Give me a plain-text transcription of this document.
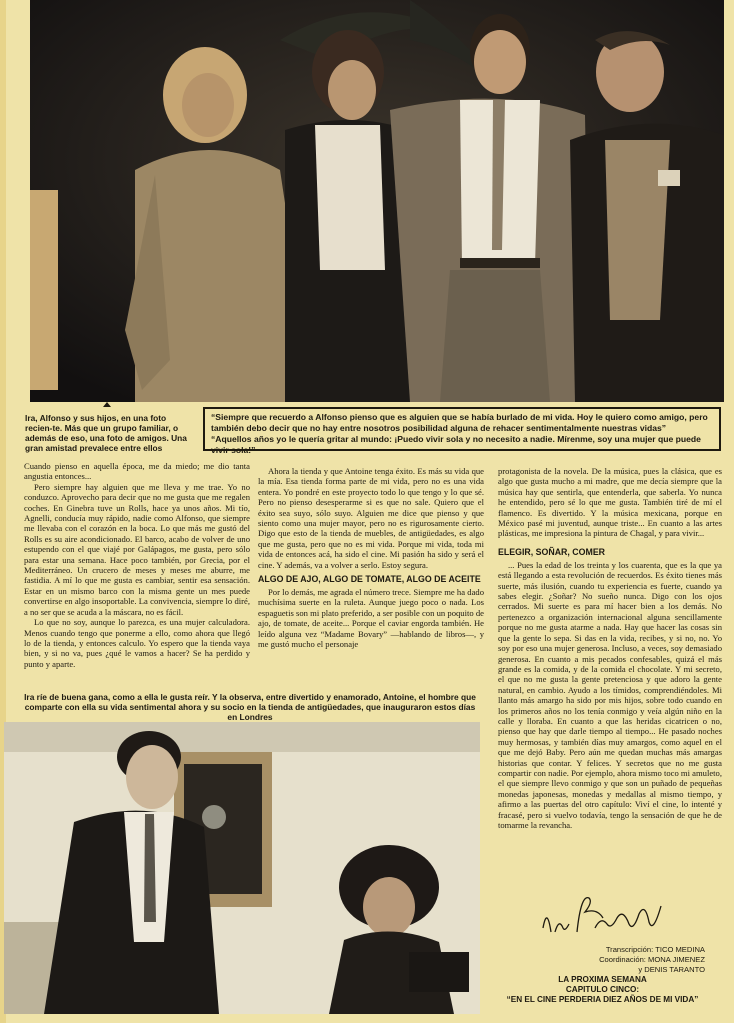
Ira, Alfonso y sus hijos, en una foto recien-te. Más que un grupo familiar, o además de eso, una foto de amigos. Una gran amistad prevalece entre ellos
“Siempre que recuerdo a Alfonso pienso que es alguien que se había burlado de mi vida. Hoy le quiero como amigo, pero también debo decir que no hay entre nosotros posibilidad alguna de rehacer sentimentalmente nuestras vidas”
“Aquellos años yo le quería gritar al mundo: ¡Puedo vivir sola y no necesito a nadie. Mírenme, soy una mujer que puede vivir sola!”

Cuando pienso en aquella época, me da miedo; me dio tanta angustia entonces...

Pero siempre hay alguien que me lleva y me trae. Yo no conduzco. Aprovecho para decir que no me gusta que me regalen coches. En Ginebra tuve un Rolls, hace ya unos años. Mi tío, Agnelli, conducía muy rápido, nadie como Alfonso, que siempre me llevaba con el corazón en la boca. Lo que más me gustó del Rolls es su aire acondicionado. El barco, acabo de volver de uno estupendo con el que viajé por Galápagos, me gusta, pero sólo para estar una semana. Hace poco también, por Grecia, por el Mediterráneo. Un crucero de meses y meses me aburre, me fastidia. A mí lo que me gusta es cambiar, sentir esa sensación. Estar en un mismo barco con la misma gente un mes puede convertirse en algo insoportable. La convivencia, siempre lo diré, a no ser que se acuda a la máscara, no es fácil.

Lo que no soy, aunque lo parezca, es una mujer calculadora. Menos cuando tengo que ponerme a ello, como ahora que llegó lo de la tienda, y entonces calculo. Yo espero que la tienda vaya bien, y si no va, pues ¿qué le vamos a hacer? Se ha perdido y punto y aparte.

Ahora la tienda y que Antoine tenga éxito. Es más su vida que la mía. Esa tienda forma parte de mi vida, pero no es una vida entera. Yo pondré en este proyecto todo lo que tengo y lo que sé. Pero no pienso desesperarme si es que no sale. Quiero que el éxito sea suyo, sólo suyo. Alguien me dice que pienso y que siento como una mujer mayor, pero no es rigurosamente cierto. Digo que esto de la tienda de muebles, de antigüedades, es algo que me gusta, pero que no es mi vida. Porque mi vida, toda mi vida de entonces acá, ha sido el cine. Mi pasión ha sido y será el cine. Y además, va a volver a serlo. Estoy segura.

ALGO DE AJO, ALGO DE TOMATE, ALGO DE ACEITE

Por lo demás, me agrada el número trece. Siempre me ha dado muchísima suerte en la ruleta. Aunque juego poco o nada. Los espaguetis son mi plato preferido, a ser posible con un poquito de ajo, de tomate, de aceite... Porque el caviar engorda también. He leído alguna vez “Madame Bovary” —hablando de libros—, y me gustó mucho el personaje

Ira ríe de buena gana, como a ella le gusta reír. Y la observa, entre divertido y enamorado, Antoine, el hombre que comparte con ella su vida sentimental ahora y su socio en la tienda de antigüedades, que inauguraron estos días en Londres

protagonista de la novela. De la música, pues la clásica, que es algo que gusta mucho a mi madre, que me decía siempre que la música hay que sentirla, que entenderla, que saberla. Yo nunca he entendido, pero sé lo que me gusta. También tiré de mí el flamenco. Es divertido. Y la música mexicana, porque en México pasé mi juventud, aunque triste... En cuanto a las artes plásticas, me impresiona la pintura de Chagal, y para vivir...

ELEGIR, SOÑAR, COMER

... Pues la edad de los treinta y los cuarenta, que es la que ya está llegando a esta revolución de recuerdos. Es éxito tienes más suerte, más ilusión, cuando tu experiencia es fuerte, cuando ya sabes elegir. ¿Soñar? No sueño nunca. Digo con los ojos cerrados. Mi suerte es para mí hacer bien a los demás. No pertenezco a organización internacional alguna sencillamente porque no me gusta atarme a nada. Hay que hacer las cosas sin que la gente lo sepa. Si das en la vida, recibes, y si no, no. Yo soy por eso una mujer generosa. Incluso, a veces, soy demasiado generosa. En cuanto a mis pecados confesables, quizá el más grande es la comida, y de la comida el chocolate. Y mi secreto, el que no me gusta la gente pretenciosa y que adoro la gente natural, en cambio. Ayudo a los tímidos, comprendiéndoles. Mi llanto más amargo ha sido por mis hijos, sobre todo cuando en los primeros años no los tenía conmigo y veía algún niño en la calle y lloraba. En cuanto a que las heridas cicatricen o no, pienso que hay que darle tiempo al tiempo... He pasado noches muy hermosas, y también días muy amargos, como aquel en el que me dejó Baby. Pero aún me quedan muchas más amargas historias que contar. Y felices. Y secretos que no me gusta compartir con nadie. Por ejemplo, ahora mismo toco mi amuleto, el que siempre llevo conmigo y que son un puñado de pequeñas monedas japonesas, monedas y medallas al mismo tiempo, y afirmo a las puertas del otro capítulo: Viví el cine, lo intenté y fracasé, pero si vuelvo todavía, tengo la sensación de que he de tomarme la revancha.

Transcripción: TICO MEDINA
Coordinación: MONA JIMENEZ
y DENIS TARANTO
LA PROXIMA SEMANA
CAPITULO CINCO:
“EN EL CINE PERDERIA DIEZ AÑOS DE MI VIDA”
